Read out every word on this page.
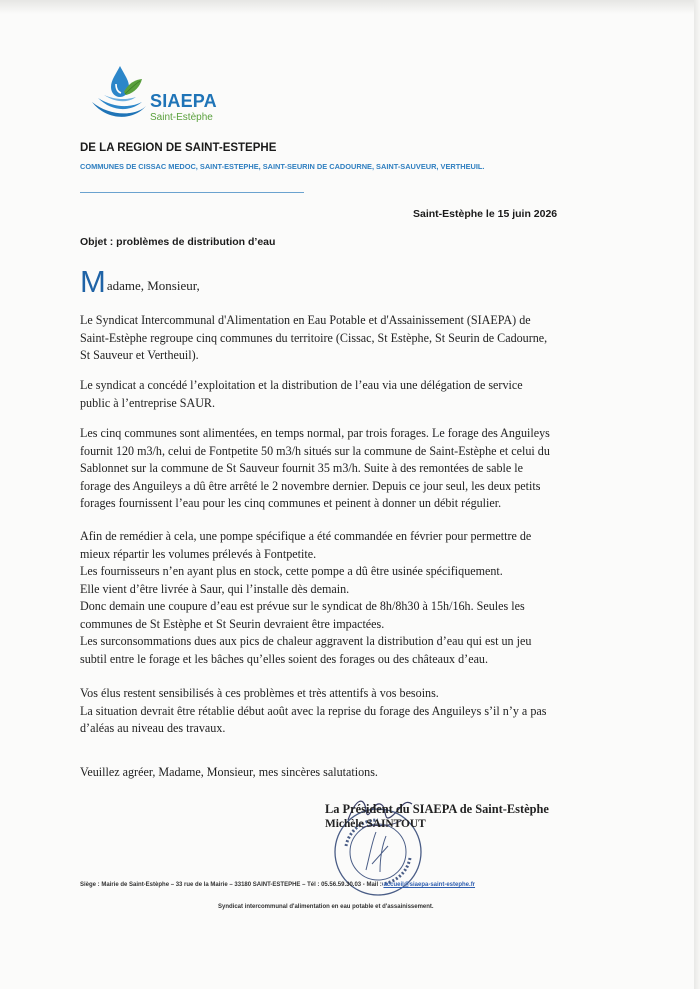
SIAEPA
Saint-Estèphe
DE LA REGION DE SAINT-ESTEPHE
COMMUNES DE CISSAC MEDOC, SAINT-ESTEPHE, SAINT-SEURIN DE CADOURNE, SAINT-SAUVEUR, VERTHEUIL.
Saint-Estèphe le 15 juin 2026
Objet : problèmes de distribution d’eau
Madame, Monsieur,
Le Syndicat Intercommunal d'Alimentation en Eau Potable et d'Assainissement (SIAEPA) de
Saint-Estèphe regroupe cinq communes du territoire (Cissac, St Estèphe, St Seurin de Cadourne,
St Sauveur et Vertheuil).
Le syndicat a concédé l’exploitation et la distribution de l’eau via une délégation de service
public à l’entreprise SAUR.
Les cinq communes sont alimentées, en temps normal, par trois forages. Le forage des Anguileys
fournit 120 m3/h, celui de Fontpetite 50 m3/h situés sur la commune de Saint-Estèphe et celui du
Sablonnet sur la commune de St Sauveur fournit 35 m3/h. Suite à des remontées de sable le
forage des Anguileys a dû être arrêté le 2 novembre dernier. Depuis ce jour seul, les deux petits
forages fournissent l’eau pour les cinq communes et peinent à donner un débit régulier.
Afin de remédier à cela, une pompe spécifique a été commandée en février pour permettre de
mieux répartir les volumes prélevés à Fontpetite.
Les fournisseurs n’en ayant plus en stock, cette pompe a dû être usinée spécifiquement.
Elle vient d’être livrée à Saur, qui l’installe dès demain.
Donc demain une coupure d’eau est prévue sur le syndicat de 8h/8h30 à 15h/16h. Seules les
communes de St Estèphe et St Seurin devraient être impactées.
Les surconsommations dues aux pics de chaleur aggravent la distribution d’eau qui est un jeu
subtil entre le forage et les bâches qu’elles soient des forages ou des châteaux d’eau.
Vos élus restent sensibilisés à ces problèmes et très attentifs à vos besoins.
La situation devrait être rétablie début août avec la reprise du forage des Anguileys s’il n’y a pas
d’aléas au niveau des travaux.
Veuillez agréer, Madame, Monsieur, mes sincères salutations.
La Président du SIAEPA de Saint-Estèphe
Michèle SAINTOUT
Siège : Mairie de Saint-Estèphe – 33 rue de la Mairie – 33180 SAINT-ESTEPHE – Tél : 05.56.59.30.03 - Mail : accueil@siaepa-saint-estephe.fr
Syndicat intercommunal d'alimentation en eau potable et d'assainissement.
